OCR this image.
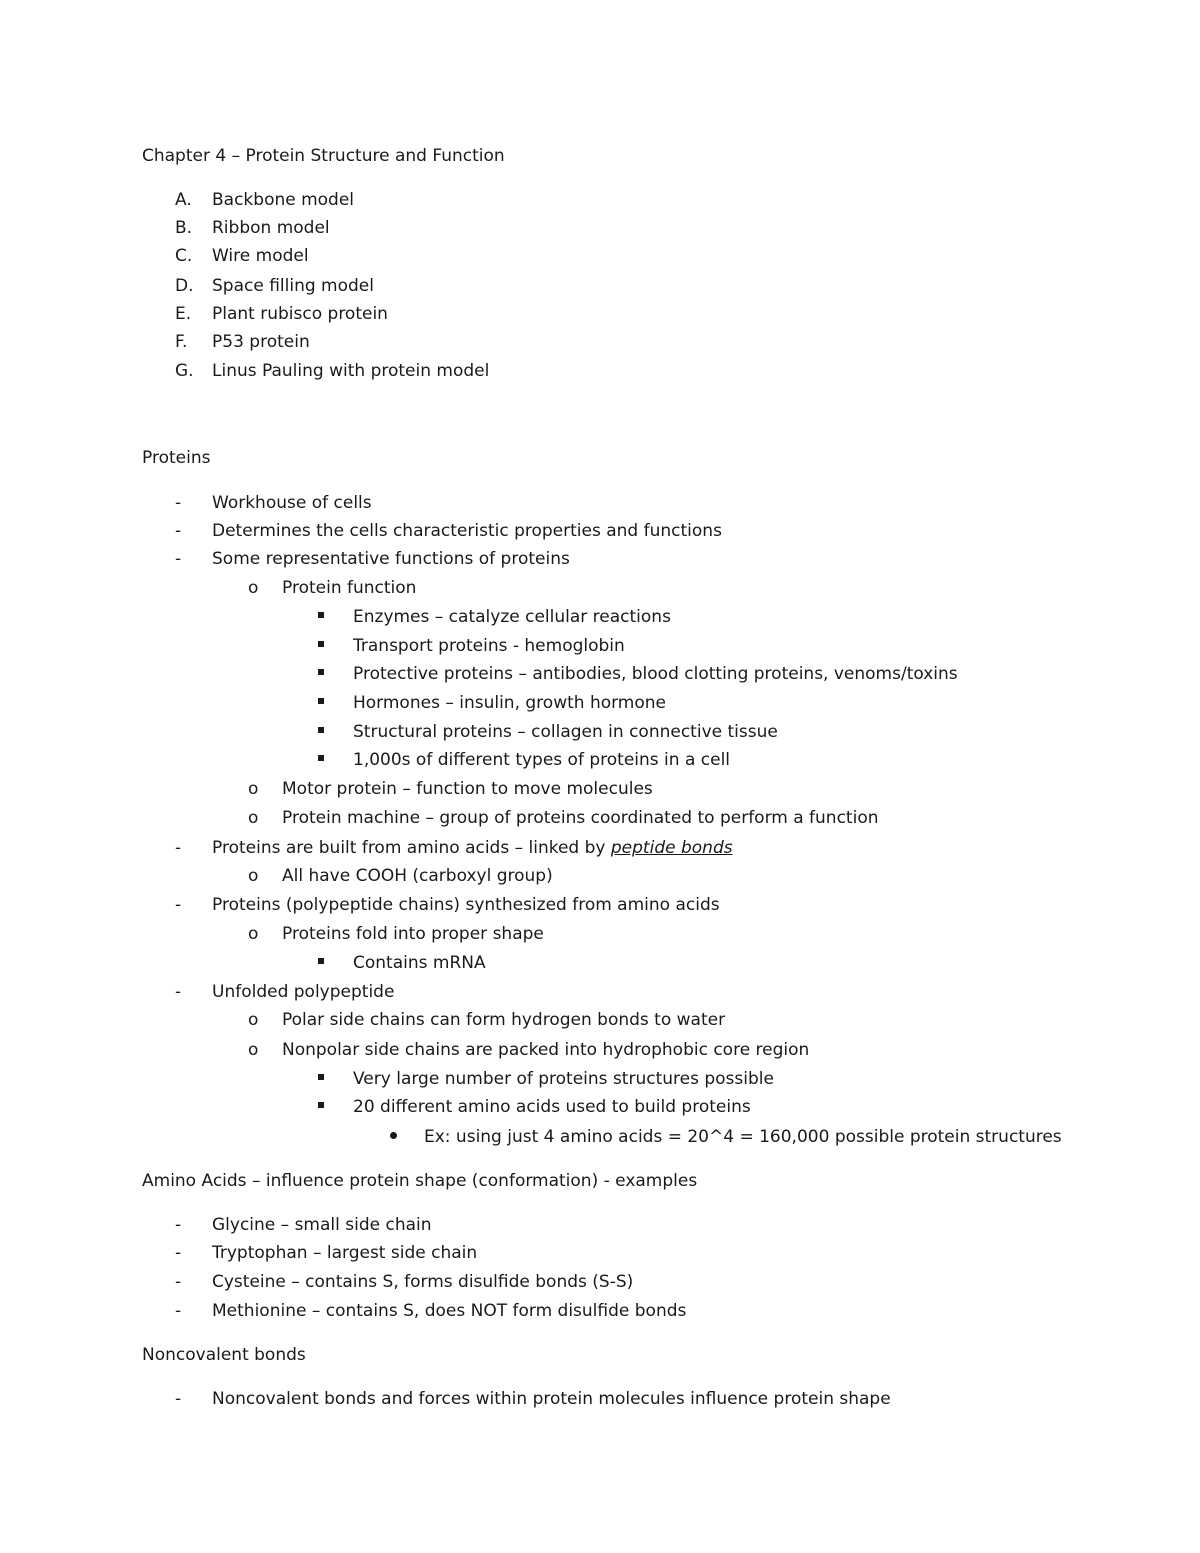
Chapter 4 – Protein Structure and Function
A. Backbone model
B. Ribbon model
C. Wire model
D. Space filling model
E. Plant rubisco protein
F. P53 protein
G. Linus Pauling with protein model
Proteins
- Workhouse of cells
- Determines the cells characteristic properties and functions
- Some representative functions of proteins
o Protein function
Enzymes – catalyze cellular reactions
Transport proteins - hemoglobin
Protective proteins – antibodies, blood clotting proteins, venoms/toxins
Hormones – insulin, growth hormone
Structural proteins – collagen in connective tissue
1,000s of different types of proteins in a cell
o Motor protein – function to move molecules
o Protein machine – group of proteins coordinated to perform a function
- Proteins are built from amino acids – linked by peptide bonds
o All have COOH (carboxyl group)
- Proteins (polypeptide chains) synthesized from amino acids
o Proteins fold into proper shape
Contains mRNA
- Unfolded polypeptide
o Polar side chains can form hydrogen bonds to water
o Nonpolar side chains are packed into hydrophobic core region
Very large number of proteins structures possible
20 different amino acids used to build proteins
Ex: using just 4 amino acids = 20^4 = 160,000 possible protein structures
Amino Acids – influence protein shape (conformation) - examples
- Glycine – small side chain
- Tryptophan – largest side chain
- Cysteine – contains S, forms disulfide bonds (S-S)
- Methionine – contains S, does NOT form disulfide bonds
Noncovalent bonds
- Noncovalent bonds and forces within protein molecules influence protein shape
